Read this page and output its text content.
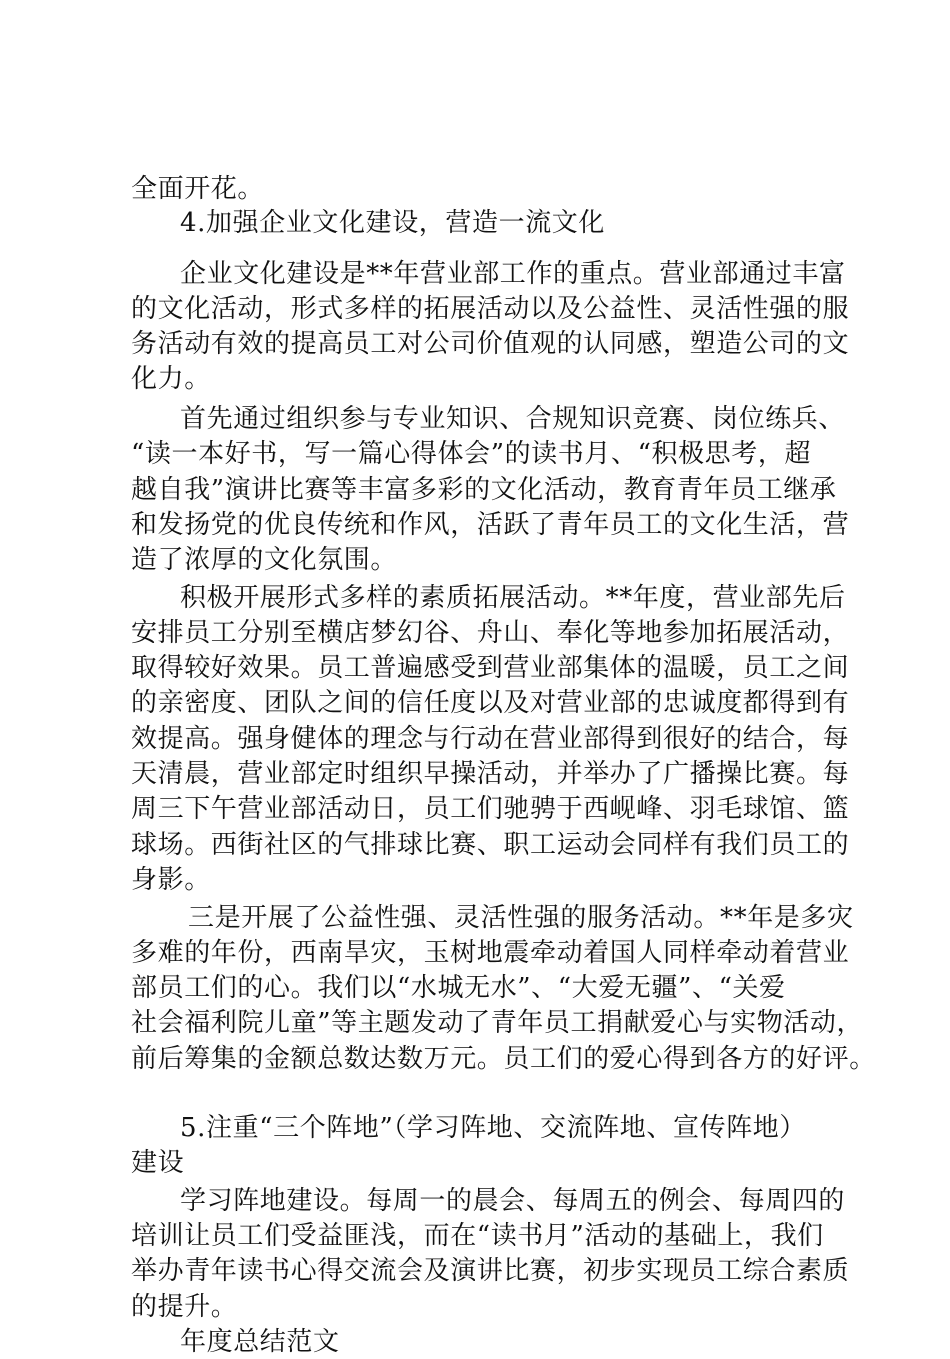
全面开花。
4.加强企业文化建设，营造一流文化
企业文化建设是**年营业部工作的重点。营业部通过丰富
的文化活动，形式多样的拓展活动以及公益性、灵活性强的服
务活动有效的提高员工对公司价值观的认同感，塑造公司的文
化力。
首先通过组织参与专业知识、合规知识竞赛、岗位练兵、
“读一本好书，写一篇心得体会”的读书月、“积极思考，超
越自我”演讲比赛等丰富多彩的文化活动，教育青年员工继承
和发扬党的优良传统和作风，活跃了青年员工的文化生活，营
造了浓厚的文化氛围。
积极开展形式多样的素质拓展活动。**年度，营业部先后
安排员工分别至横店梦幻谷、舟山、奉化等地参加拓展活动，
取得较好效果。员工普遍感受到营业部集体的温暖，员工之间
的亲密度、团队之间的信任度以及对营业部的忠诚度都得到有
效提高。强身健体的理念与行动在营业部得到很好的结合，每
天清晨，营业部定时组织早操活动，并举办了广播操比赛。每
周三下午营业部活动日，员工们驰骋于西岘峰、羽毛球馆、篮
球场。西街社区的气排球比赛、职工运动会同样有我们员工的
身影。
三是开展了公益性强、灵活性强的服务活动。**年是多灾
多难的年份，西南旱灾，玉树地震牵动着国人同样牵动着营业
部员工们的心。我们以“水城无水”、“大爱无疆”、“关爱
社会福利院儿童”等主题发动了青年员工捐献爱心与实物活动，
前后筹集的金额总数达数万元。员工们的爱心得到各方的好评。
5.注重“三个阵地”（学习阵地、交流阵地、宣传阵地）
建设
学习阵地建设。每周一的晨会、每周五的例会、每周四的
培训让员工们受益匪浅，而在“读书月”活动的基础上，我们
举办青年读书心得交流会及演讲比赛，初步实现员工综合素质
的提升。
年度总结范文
